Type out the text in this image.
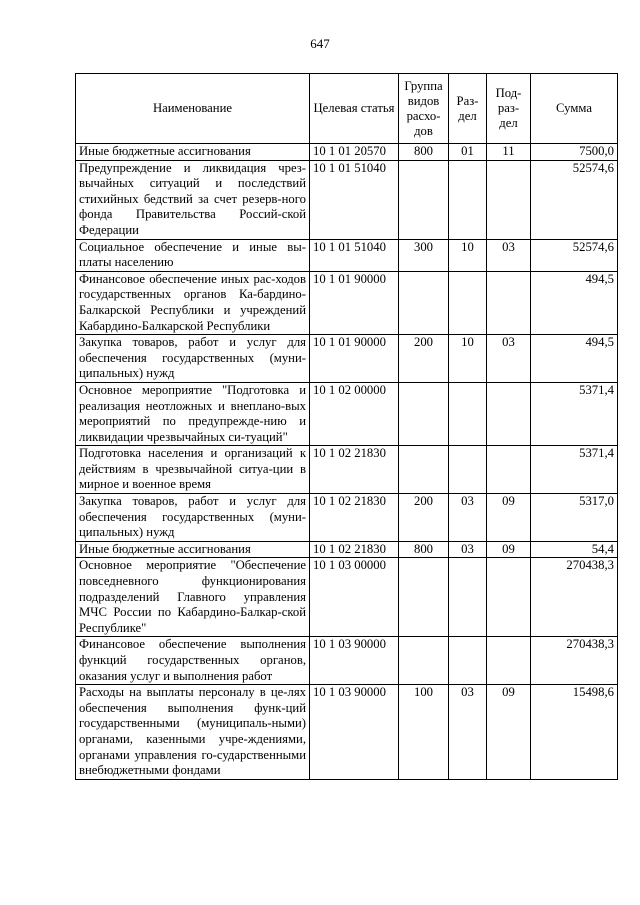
647
Наименование	Целевая статья	Группа видов расхо-дов	Раз-дел	Под-раз-дел	Сумма
Иные бюджетные ассигнования	10 1 01 20570	800	01	11	7500,0
Предупреждение и ликвидация чрез-вычайных ситуаций и последствий стихийных бедствий за счет резерв-ного фонда Правительства Россий-ской Федерации	10 1 01 51040				52574,6
Социальное обеспечение и иные вы-платы населению	10 1 01 51040	300	10	03	52574,6
Финансовое обеспечение иных рас-ходов государственных органов Ка-бардино-Балкарской Республики и учреждений Кабардино-Балкарской Республики	10 1 01 90000				494,5
Закупка товаров, работ и услуг для обеспечения государственных (муни-ципальных) нужд	10 1 01 90000	200	10	03	494,5
Основное мероприятие "Подготовка и реализация неотложных и внеплано-вых мероприятий по предупрежде-нию и ликвидации чрезвычайных си-туаций"	10 1 02 00000				5371,4
Подготовка населения и организаций к действиям в чрезвычайной ситуа-ции в мирное и военное время	10 1 02 21830				5371,4
Закупка товаров, работ и услуг для обеспечения государственных (муни-ципальных) нужд	10 1 02 21830	200	03	09	5317,0
Иные бюджетные ассигнования	10 1 02 21830	800	03	09	54,4
Основное мероприятие "Обеспечение повседневного функционирования подразделений Главного управления МЧС России по Кабардино-Балкар-ской Республике"	10 1 03 00000				270438,3
Финансовое обеспечение выполнения функций государственных органов, оказания услуг и выполнения работ	10 1 03 90000				270438,3
Расходы на выплаты персоналу в це-лях обеспечения выполнения функ-ций государственными (муниципаль-ными) органами, казенными учре-ждениями, органами управления го-сударственными внебюджетными фондами	10 1 03 90000	100	03	09	15498,6
